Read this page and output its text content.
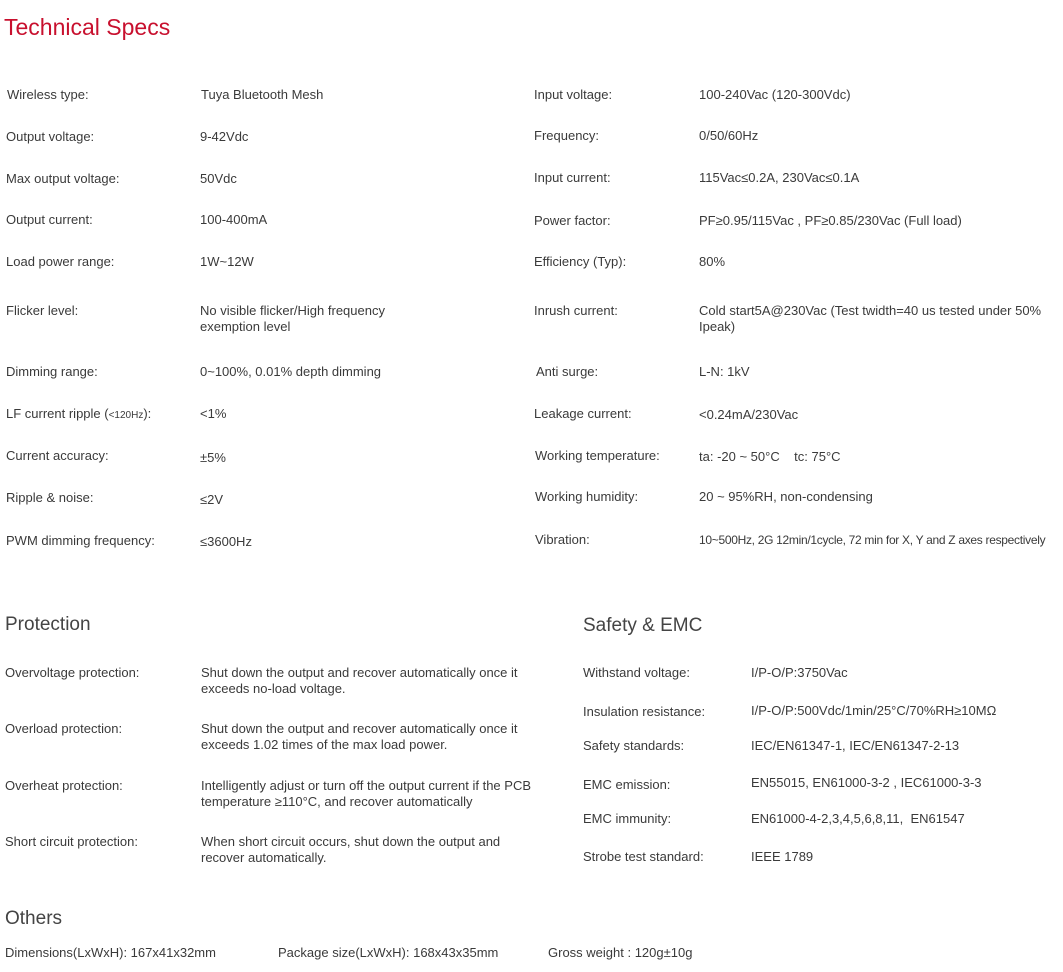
Technical Specs
Wireless type:	Tuya Bluetooth Mesh
Output voltage:	9-42Vdc
Max output voltage:	50Vdc
Output current:	100-400mA
Load power range:	1W~12W
Flicker level:	No visible flicker/High frequency exemption level
Dimming range:	0~100%, 0.01% depth dimming
LF current ripple (<120Hz):	<1%
Current accuracy:	±5%
Ripple & noise:	≤2V
PWM dimming frequency:	≤3600Hz
Input voltage:	100-240Vac (120-300Vdc)
Frequency:	0/50/60Hz
Input current:	115Vac≤0.2A, 230Vac≤0.1A
Power factor:	PF≥0.95/115Vac , PF≥0.85/230Vac (Full load)
Efficiency (Typ):	80%
Inrush current:	Cold start5A@230Vac (Test twidth=40 us tested under 50% Ipeak)
Anti surge:	L-N: 1kV
Leakage current:	<0.24mA/230Vac
Working temperature:	ta: -20 ~ 50°C    tc: 75°C
Working humidity:	20 ~ 95%RH, non-condensing
Vibration:	10~500Hz, 2G 12min/1cycle, 72 min for X, Y and Z axes respectively
Protection
Overvoltage protection:	Shut down the output and recover automatically once it exceeds no-load voltage.
Overload protection:	Shut down the output and recover automatically once it exceeds 1.02 times of the max load power.
Overheat protection:	Intelligently adjust or turn off the output current if the PCB temperature ≥110°C, and recover automatically
Short circuit protection:	When short circuit occurs, shut down the output and recover automatically.
Safety & EMC
Withstand voltage:	I/P-O/P:3750Vac
Insulation resistance:	I/P-O/P:500Vdc/1min/25°C/70%RH≥10MΩ
Safety standards:	IEC/EN61347-1, IEC/EN61347-2-13
EMC emission:	EN55015, EN61000-3-2 , IEC61000-3-3
EMC immunity:	EN61000-4-2,3,4,5,6,8,11,  EN61547
Strobe test standard:	IEEE 1789
Others
Dimensions(LxWxH): 167x41x32mm	Package size(LxWxH): 168x43x35mm	Gross weight : 120g±10g
